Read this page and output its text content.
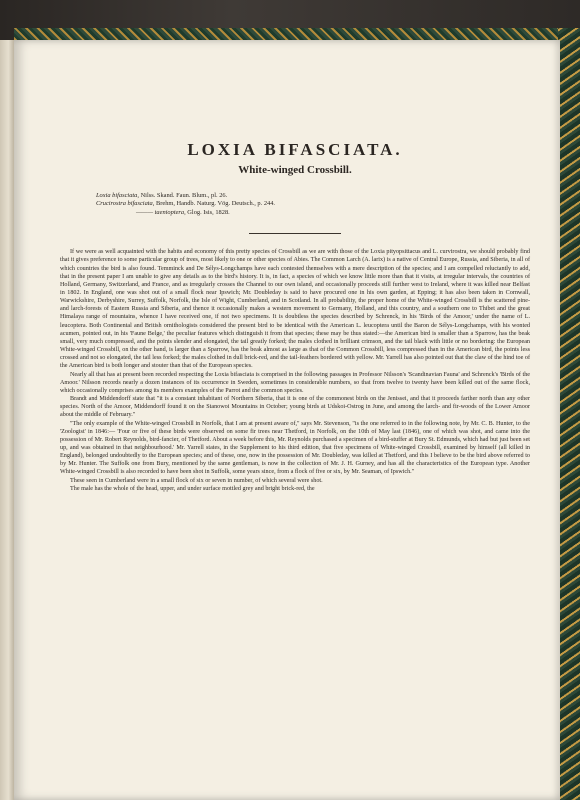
LOXIA BIFASCIATA.
White-winged Crossbill.
Loxia bifasciata, Nilss. Skand. Faun. Blum., pl. 26.
Crucirostra bifasciata, Brehm, Handb. Naturg. Vög. Deutsch., p. 244.
——— taeniopterа, Glog. Isis, 1828.

If we were as well acquainted with the habits and economy of this pretty species of Crossbill as we are with those of the Loxia pityopsittacus and L. curvirostra, we should probably find that it gives preference to some particular group of trees, most likely to one or other species of Abies. The Common Larch (A. larix) is a native of Central Europe, Russia, and Siberia, in all of which countries the bird is also found. Temminck and De Sélys-Longchamps have each contested themselves with a mere description of the species; and I am compelled reluctantly to add, that in the present paper I am unable to give any details as to the bird's history. It is, in fact, a species of which we know little more than that it visits, at irregular intervals, the countries of Holland, Germany, Switzerland, and France, and as irregularly crosses the Channel to our own island, and occasionally proceeds still further west to Ireland, where it was killed near Belfast in 1802. In England, one was shot out of a small flock near Ipswich; Mr. Doubleday is said to have procured one in his own garden, at Epping; it has also been taken in Cornwall, Warwickshire, Derbyshire, Surrey, Suffolk, Norfolk, the Isle of Wight, Cumberland, and in Scotland. In all probability, the proper home of the White-winged Crossbill is the scattered pine- and larch-forests of Eastern Russia and Siberia, and thence it occasionally makes a western movement to Germany, Holland, and this country, and a southern one to Thibet and the great Himalaya range of mountains, whence I have received one, if not two specimens. It is doubtless the species described by Schrenck, in his 'Birds of the Amoor,' under the name of L. leucoptera. Both Continental and British ornithologists considered the present bird to be identical with the American L. leucoptera until the Baron de Sélys-Longchamps, with his wonted acumen, pointed out, in his 'Faune Belge,' the peculiar features which distinguish it from that species; these may be thus stated:—the American bird is smaller than a Sparrow, has the beak small, very much compressed, and the points slender and elongated, the tail greatly forked; the males clothed in brilliant crimson, and the tail black with little or no bordering: the European White-winged Crossbill, on the other hand, is larger than a Sparrow, has the beak almost as large as that of the Common Crossbill, less compressed than in the American bird, the points less crossed and not so elongated, the tail less forked; the males clothed in dull brick-red, and the tail-feathers bordered with yellow. Mr. Yarrell has also pointed out that the claw of the hind toe of the American bird is both longer and stouter than that of the European species.

Nearly all that has at present been recorded respecting the Loxia bifasciata is comprised in the following passages in Professor Nilsson's 'Scandinavian Fauna' and Schrenck's 'Birds of the Amoor.' Nilsson records nearly a dozen instances of its occurrence in Sweden, sometimes in considerable numbers, so that from twelve to twenty have been killed out of the same flock, which occasionally comprises among its members examples of the Parrot and the common species.

Brandt and Middendorff state that "it is a constant inhabitant of Northern Siberia, that it is one of the commonest birds on the Jenissei, and that it proceeds farther north than any other species. North of the Amoor, Middendorff found it on the Stanowoi Mountains in October; young birds at Udskoi-Ostrog in June, and among the larch- and fir-woods of the Lower Amoor about the middle of February."

"The only example of the White-winged Crossbill in Norfolk, that I am at present aware of," says Mr. Stevenson, "is the one referred to in the following note, by Mr. C. B. Hunter, to the 'Zoologist' in 1846:— 'Four or five of these birds were observed on some fir trees near Thetford, in Norfolk, on the 10th of May last (1846), one of which was shot, and came into the possession of Mr. Robert Reynolds, bird-fancier, of Thetford. About a week before this, Mr. Reynolds purchased a specimen of a bird-stuffer at Bury St. Edmunds, which had but just been set up, and was obtained in that neighbourhood.' Mr. Yarrell states, in the Supplement to his third edition, that five specimens of White-winged Crossbill, examined by himself (all killed in England), belonged undoubtedly to the European species; and of these, one, now in the possession of Mr. Doubleday, was killed at Thetford, and this I believe to be the bird above referred to by Mr. Hunter. The Suffolk one from Bury, mentioned by the same gentleman, is now in the collection of Mr. J. H. Gurney, and has all the characteristics of the European type. Another White-winged Crossbill is also recorded to have been shot in Suffolk, some years since, from a flock of five or six, by Mr. Seaman, of Ipswich."

These seen in Cumberland were in a small flock of six or seven in number, of which several were shot.

The male has the whole of the head, upper, and under surface mottled grey and bright brick-red, the
